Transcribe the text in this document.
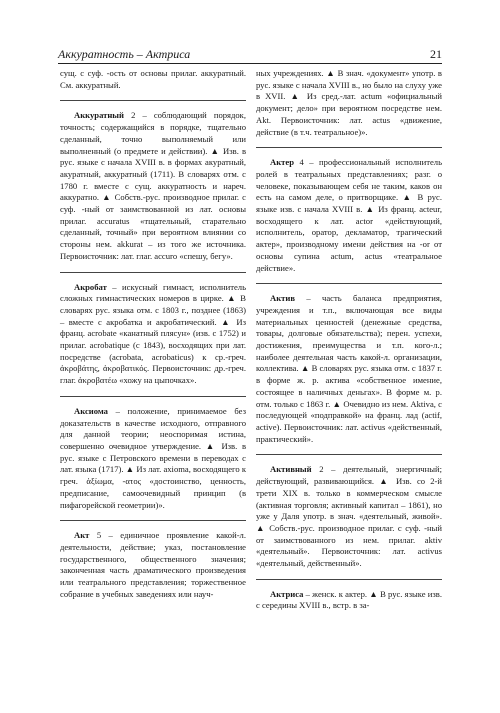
Аккуратность – Актриса	21

сущ. с суф. -ость от основы прилаг. аккуратный. См. аккуратный.

Аккуратный 2 – соблюдающий порядок, точность; содержащийся в порядке, тщательно сделанный, точно выполняемый или выполненный (о предмете и действии). ▲ Изв. в рус. языке с начала XVIII в. в формах акуратный, акуратный, аккуратный (1711). В словарях отм. с 1780 г. вместе с сущ. аккуратность и нареч. аккуратно. ▲ Собств.-рус. производное прилаг. с суф. -ный от заимствованной из лат. основы прилаг. accuratus «тщательный, старательно сделанный, точный» при вероятном влиянии со стороны нем. akkurat – из того же источника. Первоисточник: лат. глаг. accuro «спешу, бегу».

Акробат – искусный гимнаст, исполнитель сложных гимнастических номеров в цирке. ▲ В словарях рус. языка отм. с 1803 г., позднее (1863) – вместе с акробатка и акробатический. ▲ Из франц. acrobate «канатный плясун» (изв. с 1752) и прилаг. acrobatique (с 1843), восходящих при лат. посредстве (acrobata, acrobaticus) к ср.-греч. ἀκροβάτης, ἀκροβατικός. Первоисточник: др.-греч. глаг. ἀκροβατέω «хожу на цыпочках».

Аксиома – положение, принимаемое без доказательств в качестве исходного, отправного для данной теории; неоспоримая истина, совершенно очевидное утверждение. ▲ Изв. в рус. языке с Петровского времени в переводах с лат. языка (1717). ▲ Из лат. axioma, восходящего к греч. ἀξίωμα, -ατος «достоинство, ценность, предписание, самоочевидный принцип (в пифагорейской геометрии)».

Акт 5 – единичное проявление какой-л. деятельности, действие; указ, постановление государственного, общественного значения; законченная часть драматического произведения или театрального представления; торжественное собрание в учебных заведениях или науч-

ных учреждениях. ▲ В знач. «документ» употр. в рус. языке с начала XVIII в., но было на слуху уже в XVII. ▲ Из сред.-лат. actum «официальный документ; дело» при вероятном посредстве нем. Akt. Первоисточник: лат. actus «движение, действие (в т.ч. театральное)».

Актер 4 – профессиональный исполнитель ролей в театральных представлениях; разг. о человеке, показывающем себя не таким, каков он есть на самом деле, о притворщике. ▲ В рус. языке изв. с начала XVIII в. ▲ Из франц. acteur, восходящего к лат. actor «действующий, исполнитель, оратор, декламатор, трагический актер», производному имени действия на -or от основы супина actum, actus «театральное действие».

Актив – часть баланса предприятия, учреждения и т.п., включающая все виды материальных ценностей (денежные средства, товары, долговые обязательства); перен. успехи, достижения, преимущества и т.п. кого-л.; наиболее деятельная часть какой-л. организации, коллектива. ▲ В словарях рус. языка отм. с 1837 г. в форме ж. р. актива «собственное имение, состоящее в наличных деньгах». В форме м. р. отм. только с 1863 г. ▲ Очевидно из нем. Aktiva, с последующей «подправкой» на франц. лад (actif, active). Первоисточник: лат. activus «действенный, практический».

Активный 2 – деятельный, энергичный; действующий, развивающийся. ▲ Изв. со 2-й трети XIX в. только в коммерческом смысле (активная торговля; активный капитал – 1861), но уже у Даля употр. в знач. «деятельный, живой». ▲ Собств.-рус. производное прилаг. с суф. -ный от заимствованного из нем. прилаг. aktiv «деятельный». Первоисточник: лат. activus «деятельный, действенный».

Актриса – женск. к актер. ▲ В рус. языке изв. с середины XVIII в., встр. в за-
